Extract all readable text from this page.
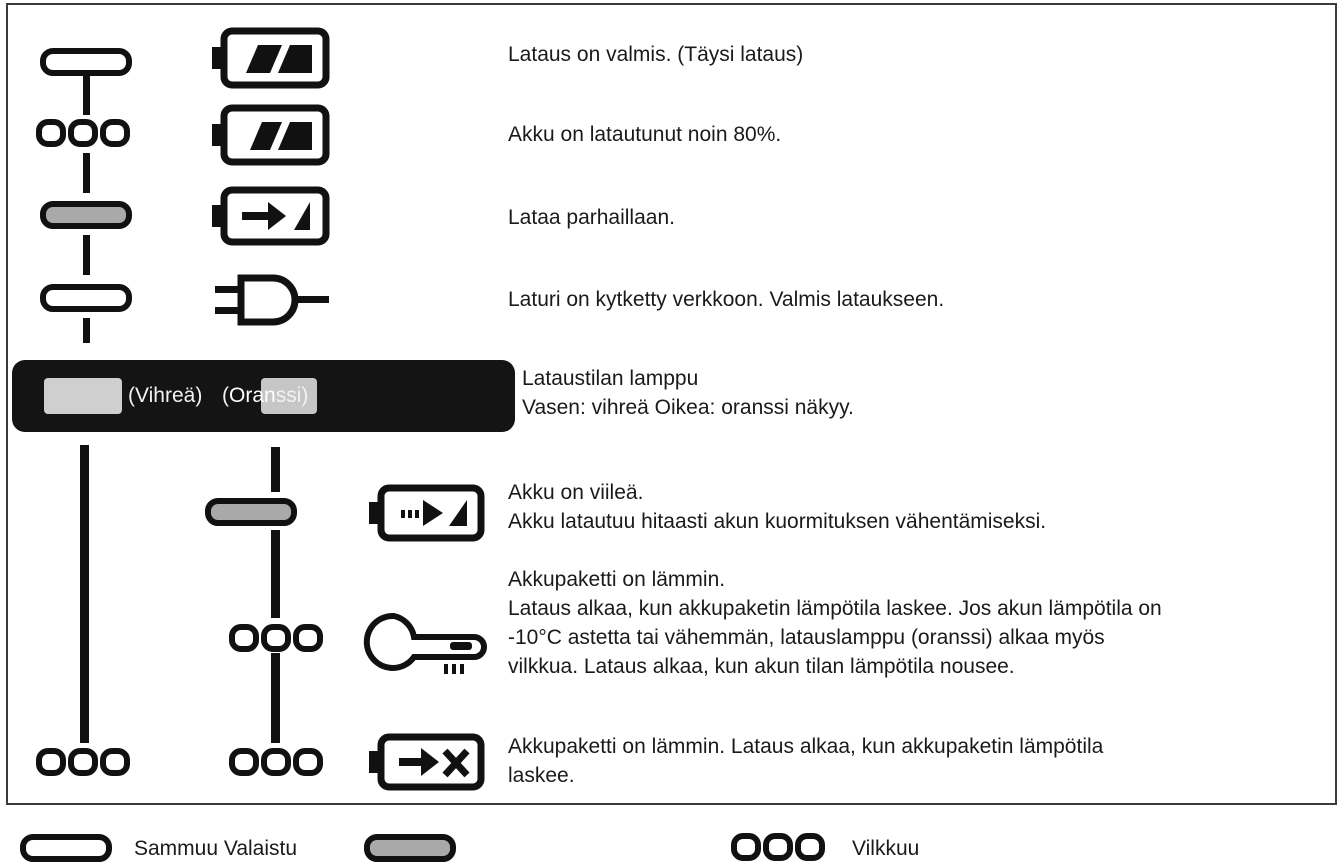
Lataus on valmis. (Täysi lataus)
Akku on latautunut noin 80%.
Lataa parhaillaan.
Laturi on kytketty verkkoon. Valmis lataukseen.
(Vihreä) (Oranssi)
Lataustilan lamppu
Vasen: vihreä Oikea: oranssi näkyy.
Akku on viileä.
Akku latautuu hitaasti akun kuormituksen vähentämiseksi.
Akkupaketti on lämmin.
Lataus alkaa, kun akkupaketin lämpötila laskee. Jos akun lämpötila on
-10°C astetta tai vähemmän, latauslamppu (oranssi) alkaa myös
vilkkua. Lataus alkaa, kun akun tilan lämpötila nousee.
Akkupaketti on lämmin. Lataus alkaa, kun akkupaketin lämpötila
laskee.
Sammuu Valaistu	Vilkkuu
